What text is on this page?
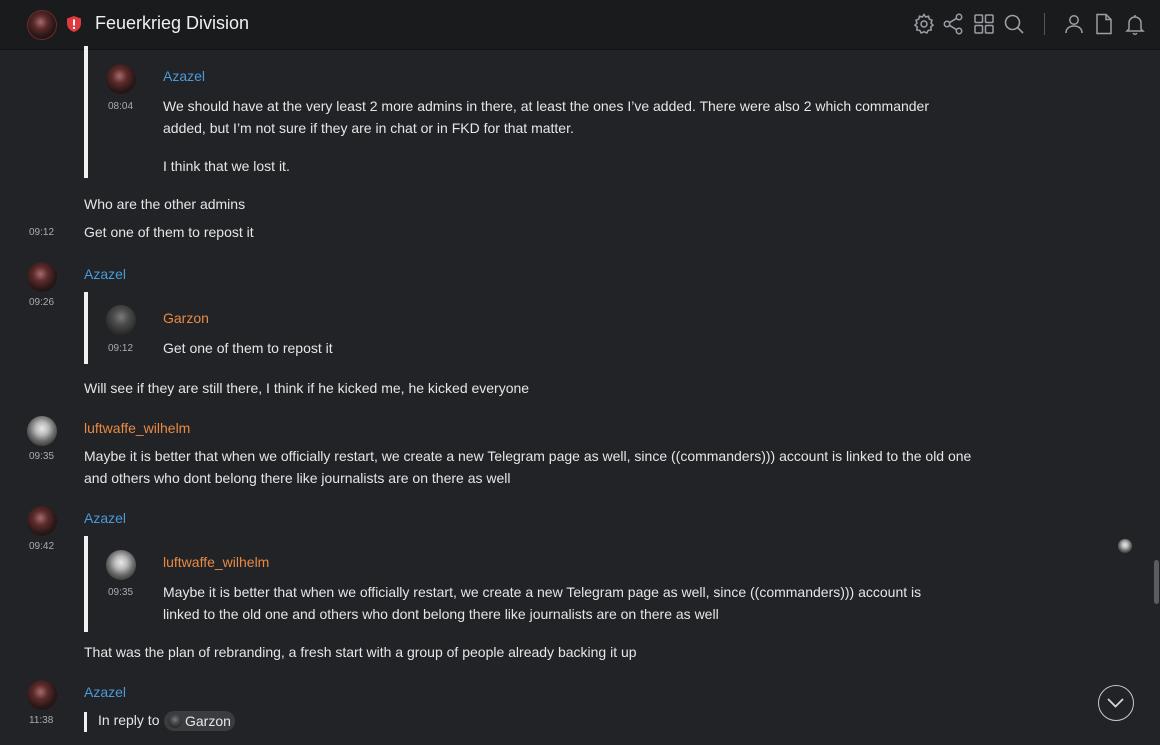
Feuerkrieg Division
08:04
Azazel
We should have at the very least 2 more admins in there, at least the ones I’ve added. There were also 2 which commander
added, but I’m not sure if they are in chat or in FKD for that matter.
I think that we lost it.
Who are the other admins
09:12 Get one of them to repost it
09:26
Azazel
09:12
Garzon
Get one of them to repost it
Will see if they are still there, I think if he kicked me, he kicked everyone
09:35
luftwaffe_wilhelm
Maybe it is better that when we officially restart, we create a new Telegram page as well, since ((commanders))) account is linked to the old one
and others who dont belong there like journalists are on there as well
09:42
Azazel
09:35
luftwaffe_wilhelm
Maybe it is better that when we officially restart, we create a new Telegram page as well, since ((commanders))) account is
linked to the old one and others who dont belong there like journalists are on there as well
That was the plan of rebranding, a fresh start with a group of people already backing it up
11:38
Azazel
In reply to Garzon
